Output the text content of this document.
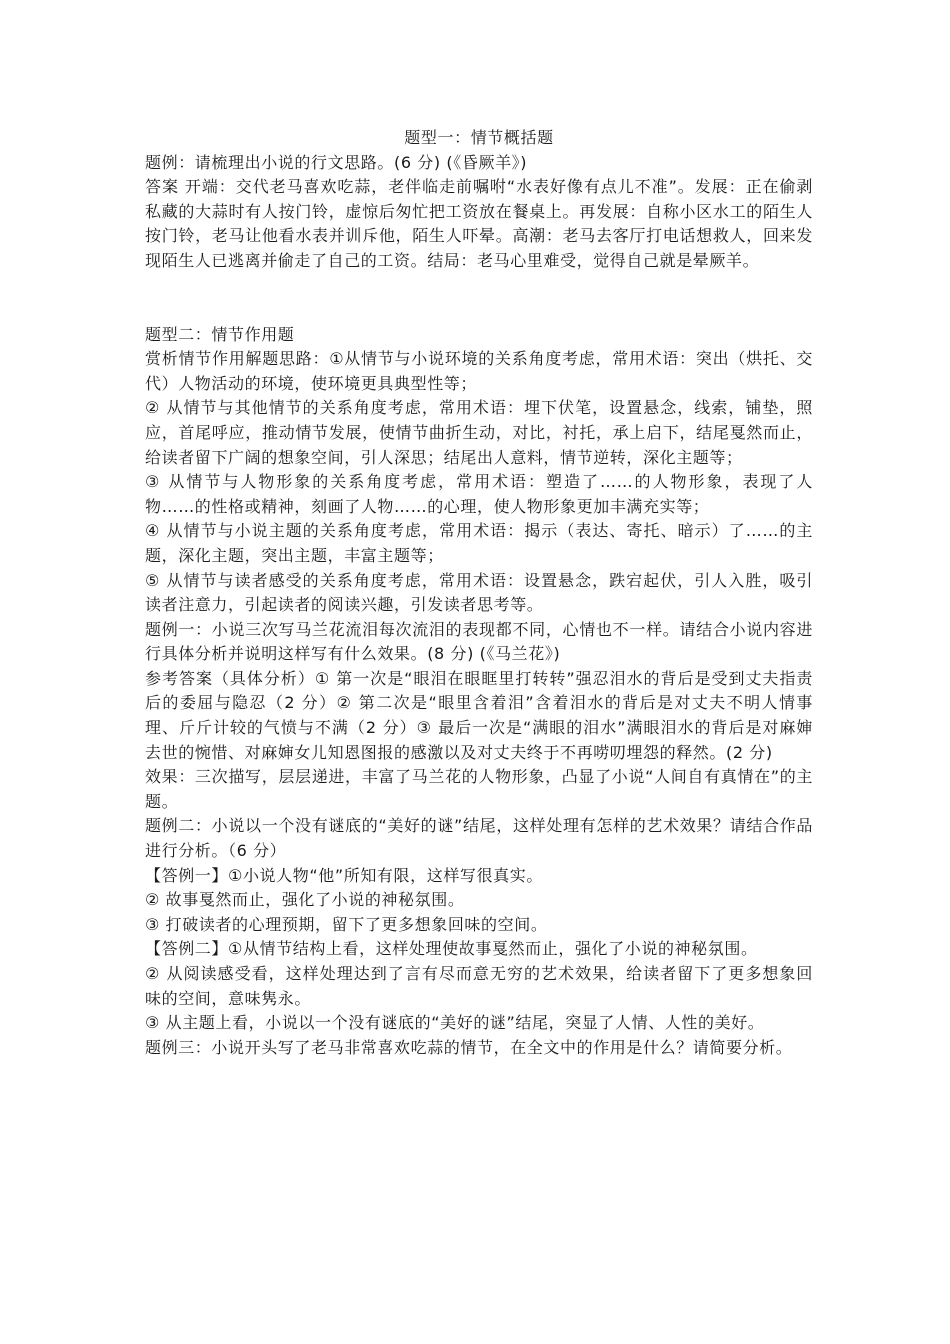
题型一：情节概括题

题例：请梳理出小说的行文思路。(6 分) (《昏厥羊》)

答案 开端：交代老马喜欢吃蒜，老伴临走前嘱咐“水表好像有点儿不准”。发展：正在偷剥私藏的大蒜时有人按门铃，虚惊后匆忙把工资放在餐桌上。再发展：自称小区水工的陌生人按门铃，老马让他看水表并训斥他，陌生人吓晕。高潮：老马去客厅打电话想救人，回来发现陌生人已逃离并偷走了自己的工资。结局：老马心里难受，觉得自己就是晕厥羊。

题型二：情节作用题

赏析情节作用解题思路：①从情节与小说环境的关系角度考虑，常用术语：突出（烘托、交代）人物活动的环境，使环境更具典型性等；

② 从情节与其他情节的关系角度考虑，常用术语：埋下伏笔，设置悬念，线索，铺垫，照应，首尾呼应，推动情节发展，使情节曲折生动，对比，衬托，承上启下，结尾戛然而止，给读者留下广阔的想象空间，引人深思；结尾出人意料，情节逆转，深化主题等；

③ 从情节与人物形象的关系角度考虑，常用术语：塑造了……的人物形象，表现了人物……的性格或精神，刻画了人物……的心理，使人物形象更加丰满充实等；

④ 从情节与小说主题的关系角度考虑，常用术语：揭示（表达、寄托、暗示）了……的主题，深化主题，突出主题，丰富主题等；

⑤ 从情节与读者感受的关系角度考虑，常用术语：设置悬念，跌宕起伏，引人入胜，吸引读者注意力，引起读者的阅读兴趣，引发读者思考等。

题例一：小说三次写马兰花流泪每次流泪的表现都不同，心情也不一样。请结合小说内容进行具体分析并说明这样写有什么效果。(8 分) (《马兰花》)

参考答案（具体分析）① 第一次是“眼泪在眼眶里打转转”强忍泪水的背后是受到丈夫指责后的委屈与隐忍（2 分）② 第二次是“眼里含着泪”含着泪水的背后是对丈夫不明人情事理、斤斤计较的气愤与不满（2 分）③ 最后一次是“满眼的泪水”满眼泪水的背后是对麻婶去世的惋惜、对麻婶女儿知恩图报的感激以及对丈夫终于不再唠叨埋怨的释然。(2 分)

效果：三次描写，层层递进，丰富了马兰花的人物形象，凸显了小说“人间自有真情在”的主题。

题例二：小说以一个没有谜底的“美好的谜”结尾，这样处理有怎样的艺术效果？请结合作品进行分析。（6 分）

【答例一】①小说人物“他”所知有限，这样写很真实。

② 故事戛然而止，强化了小说的神秘氛围。

③ 打破读者的心理预期，留下了更多想象回味的空间。

【答例二】①从情节结构上看，这样处理使故事戛然而止，强化了小说的神秘氛围。

② 从阅读感受看，这样处理达到了言有尽而意无穷的艺术效果，给读者留下了更多想象回味的空间，意味隽永。

③ 从主题上看，小说以一个没有谜底的“美好的谜”结尾，突显了人情、人性的美好。

题例三：小说开头写了老马非常喜欢吃蒜的情节，在全文中的作用是什么？请简要分析。
